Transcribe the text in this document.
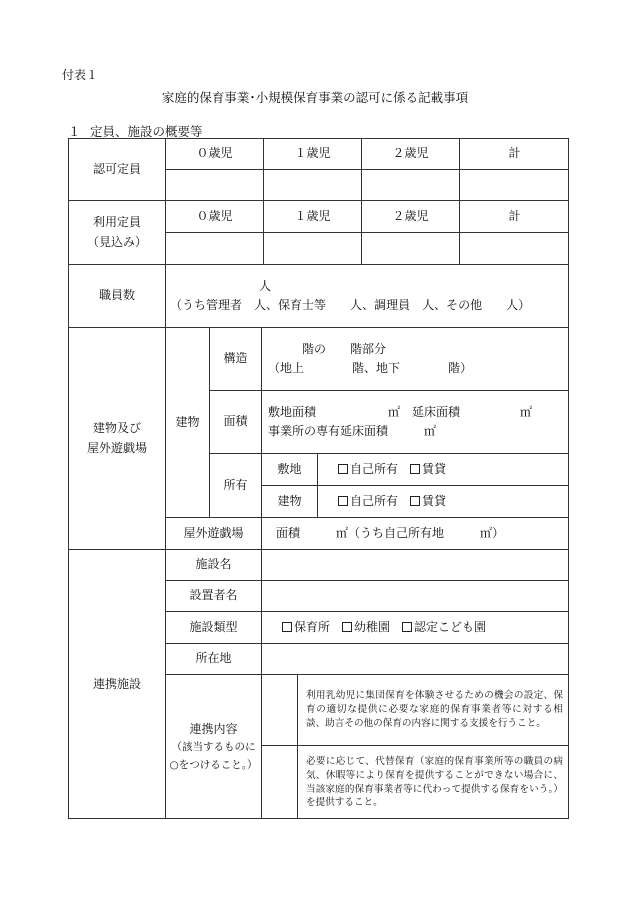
付表１
家庭的保育事業･小規模保育事業の認可に係る記載事項
１ 定員、施設の概要等
認可定員
０歳児	１歳児	２歳児	計
利用定員
（見込み）
０歳児	１歳児	２歳児	計
職員数
人
（うち管理者 人、保育士等 人、調理員 人、その他 人）
建物及び
屋外遊戯場
建物
構造
階の 階部分
（地上	階、地下	階）
面積
敷地面積	㎡ 延床面積	㎡
事業所の専有延床面積	㎡
所有
敷地	自己所有	賃貸
建物	自己所有	賃貸
屋外遊戯場	面積	㎡ （うち自己所有地	㎡ ）
連携施設
施設名
設置者名
施設類型	保育所	幼稚園	認定こども園
所在地
連携内容
（該当するものに
○をつけること。）
利用乳幼児に集団保育を体験させるための機会の設定、保育の適切な提供に必要な家庭的保育事業者等に対する相談、助言その他の保育の内容に関する支援を行うこと。
必要に応じて、代替保育（家庭的保育事業所等の職員の病気、休暇等により保育を提供することができない場合に、当該家庭的保育事業者等に代わって提供する保育をいう。）を提供すること。
